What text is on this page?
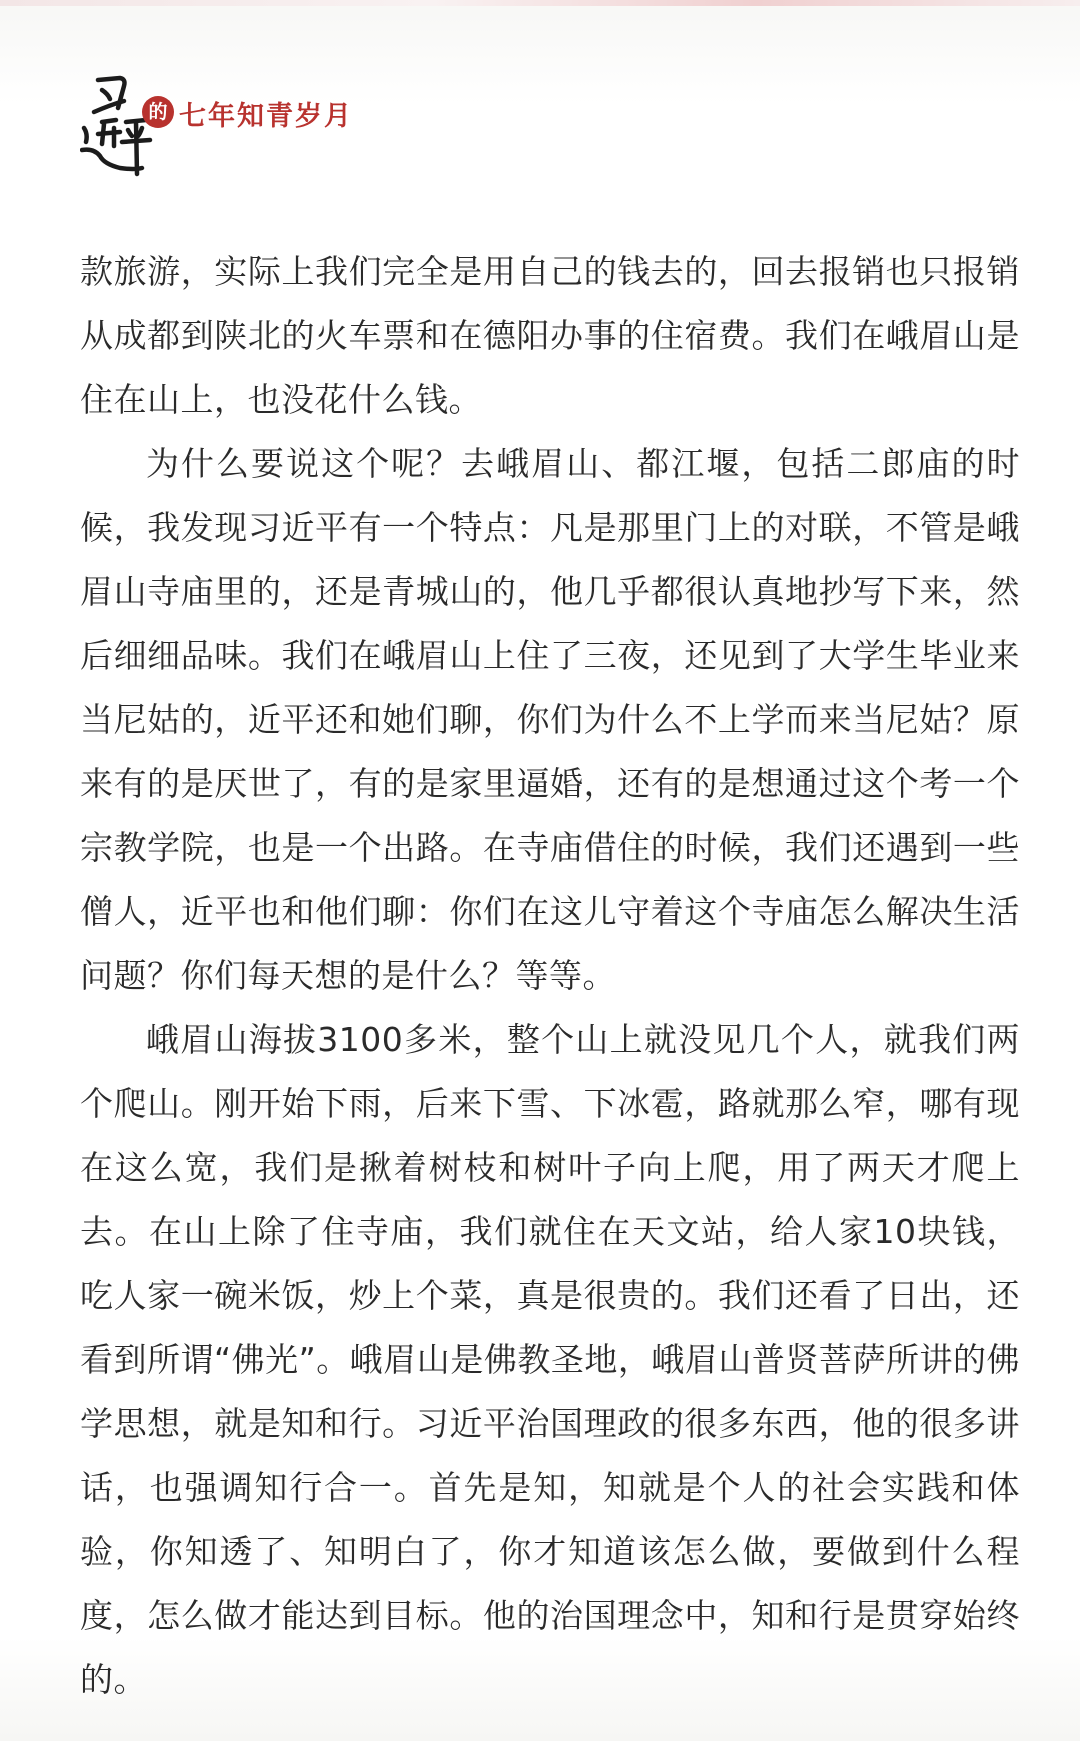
的 七年知青岁月

款旅游，实际上我们完全是用自己的钱去的，回去报销也只报销从成都到陕北的火车票和在德阳办事的住宿费。我们在峨眉山是住在山上，也没花什么钱。

为什么要说这个呢？去峨眉山、都江堰，包括二郎庙的时候，我发现习近平有一个特点：凡是那里门上的对联，不管是峨眉山寺庙里的，还是青城山的，他几乎都很认真地抄写下来，然后细细品味。我们在峨眉山上住了三夜，还见到了大学生毕业来当尼姑的，近平还和她们聊，你们为什么不上学而来当尼姑？原来有的是厌世了，有的是家里逼婚，还有的是想通过这个考一个宗教学院，也是一个出路。在寺庙借住的时候，我们还遇到一些僧人，近平也和他们聊：你们在这儿守着这个寺庙怎么解决生活问题？你们每天想的是什么？等等。

峨眉山海拔3100多米，整个山上就没见几个人，就我们两个爬山。刚开始下雨，后来下雪、下冰雹，路就那么窄，哪有现在这么宽，我们是揪着树枝和树叶子向上爬，用了两天才爬上去。在山上除了住寺庙，我们就住在天文站，给人家10块钱，吃人家一碗米饭，炒上个菜，真是很贵的。我们还看了日出，还看到所谓“佛光”。峨眉山是佛教圣地，峨眉山普贤菩萨所讲的佛学思想，就是知和行。习近平治国理政的很多东西，他的很多讲话，也强调知行合一。首先是知，知就是个人的社会实践和体验，你知透了、知明白了，你才知道该怎么做，要做到什么程度，怎么做才能达到目标。他的治国理念中，知和行是贯穿始终的。
